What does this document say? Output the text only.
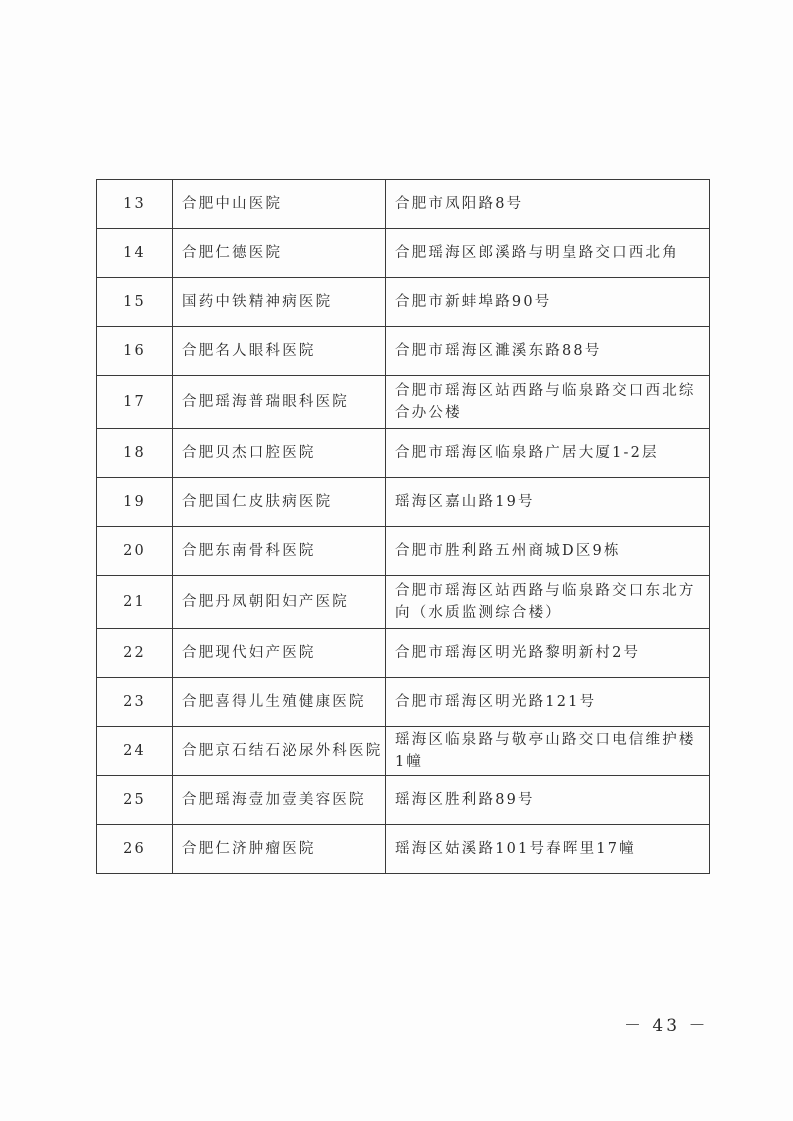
13	合肥中山医院	合肥市凤阳路8号
14	合肥仁德医院	合肥瑶海区郎溪路与明皇路交口西北角
15	国药中铁精神病医院	合肥市新蚌埠路90号
16	合肥名人眼科医院	合肥市瑶海区濉溪东路88号
17	合肥瑶海普瑞眼科医院	合肥市瑶海区站西路与临泉路交口西北综合办公楼
18	合肥贝杰口腔医院	合肥市瑶海区临泉路广居大厦1-2层
19	合肥国仁皮肤病医院	瑶海区嘉山路19号
20	合肥东南骨科医院	合肥市胜利路五州商城D区9栋
21	合肥丹凤朝阳妇产医院	合肥市瑶海区站西路与临泉路交口东北方向（水质监测综合楼）
22	合肥现代妇产医院	合肥市瑶海区明光路黎明新村2号
23	合肥喜得儿生殖健康医院	合肥市瑶海区明光路121号
24	合肥京石结石泌尿外科医院	瑶海区临泉路与敬亭山路交口电信维护楼1幢
25	合肥瑶海壹加壹美容医院	瑶海区胜利路89号
26	合肥仁济肿瘤医院	瑶海区姑溪路101号春晖里17幢
－ 43 －
